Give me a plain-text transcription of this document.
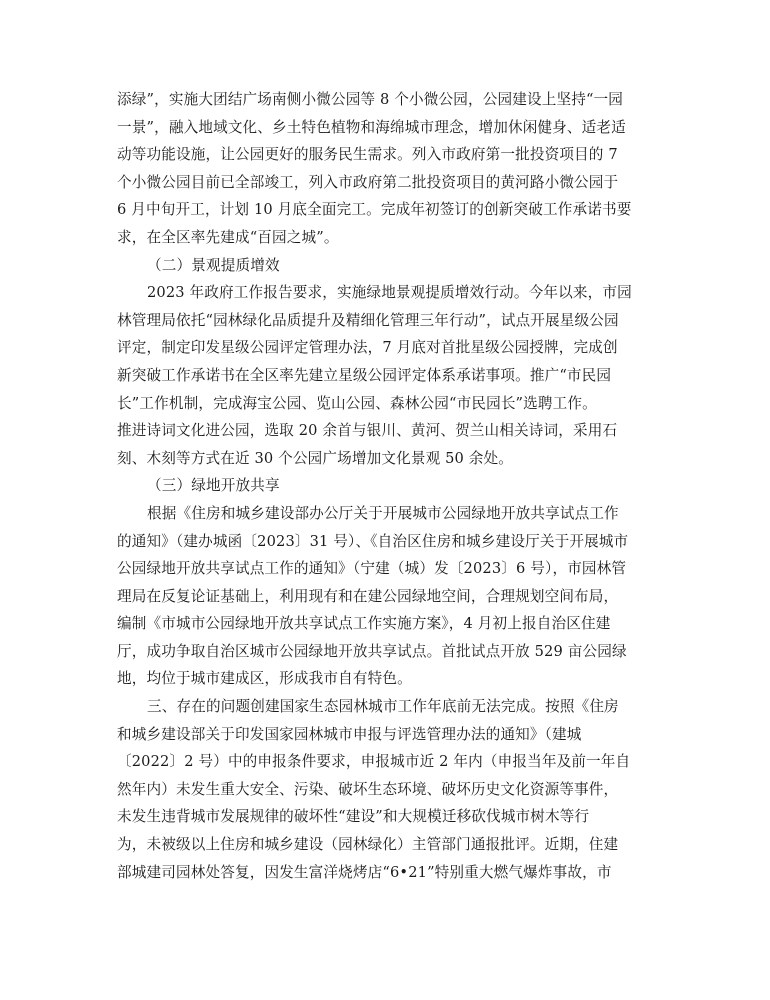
添绿”，实施大团结广场南侧小微公园等 8 个小微公园，公园建设上坚持“一园
一景”，融入地域文化、乡土特色植物和海绵城市理念，增加休闲健身、适老适
动等功能设施，让公园更好的服务民生需求。列入市政府第一批投资项目的 7
个小微公园目前已全部竣工，列入市政府第二批投资项目的黄河路小微公园于
6 月中旬开工，计划 10 月底全面完工。完成年初签订的创新突破工作承诺书要
求，在全区率先建成“百园之城”。
（二）景观提质增效
2023 年政府工作报告要求，实施绿地景观提质增效行动。今年以来，市园
林管理局依托“园林绿化品质提升及精细化管理三年行动”，试点开展星级公园
评定，制定印发星级公园评定管理办法，7 月底对首批星级公园授牌，完成创
新突破工作承诺书在全区率先建立星级公园评定体系承诺事项。推广“市民园
长”工作机制，完成海宝公园、览山公园、森林公园“市民园长”选聘工作。
推进诗词文化进公园，选取 20 余首与银川、黄河、贺兰山相关诗词，采用石
刻、木刻等方式在近 30 个公园广场增加文化景观 50 余处。
（三）绿地开放共享
根据《住房和城乡建设部办公厅关于开展城市公园绿地开放共享试点工作
的通知》（建办城函〔2023〕31 号）、《自治区住房和城乡建设厅关于开展城市
公园绿地开放共享试点工作的通知》（宁建（城）发〔2023〕6 号），市园林管
理局在反复论证基础上，利用现有和在建公园绿地空间，合理规划空间布局，
编制《市城市公园绿地开放共享试点工作实施方案》，4 月初上报自治区住建
厅，成功争取自治区城市公园绿地开放共享试点。首批试点开放 529 亩公园绿
地，均位于城市建成区，形成我市自有特色。
三、存在的问题创建国家生态园林城市工作年底前无法完成。按照《住房
和城乡建设部关于印发国家园林城市申报与评选管理办法的通知》（建城
〔2022〕2 号）中的申报条件要求，申报城市近 2 年内（申报当年及前一年自
然年内）未发生重大安全、污染、破坏生态环境、破坏历史文化资源等事件，
未发生违背城市发展规律的破坏性“建设”和大规模迁移砍伐城市树木等行
为，未被级以上住房和城乡建设（园林绿化）主管部门通报批评。近期，住建
部城建司园林处答复，因发生富洋烧烤店“6•21”特别重大燃气爆炸事故，市
